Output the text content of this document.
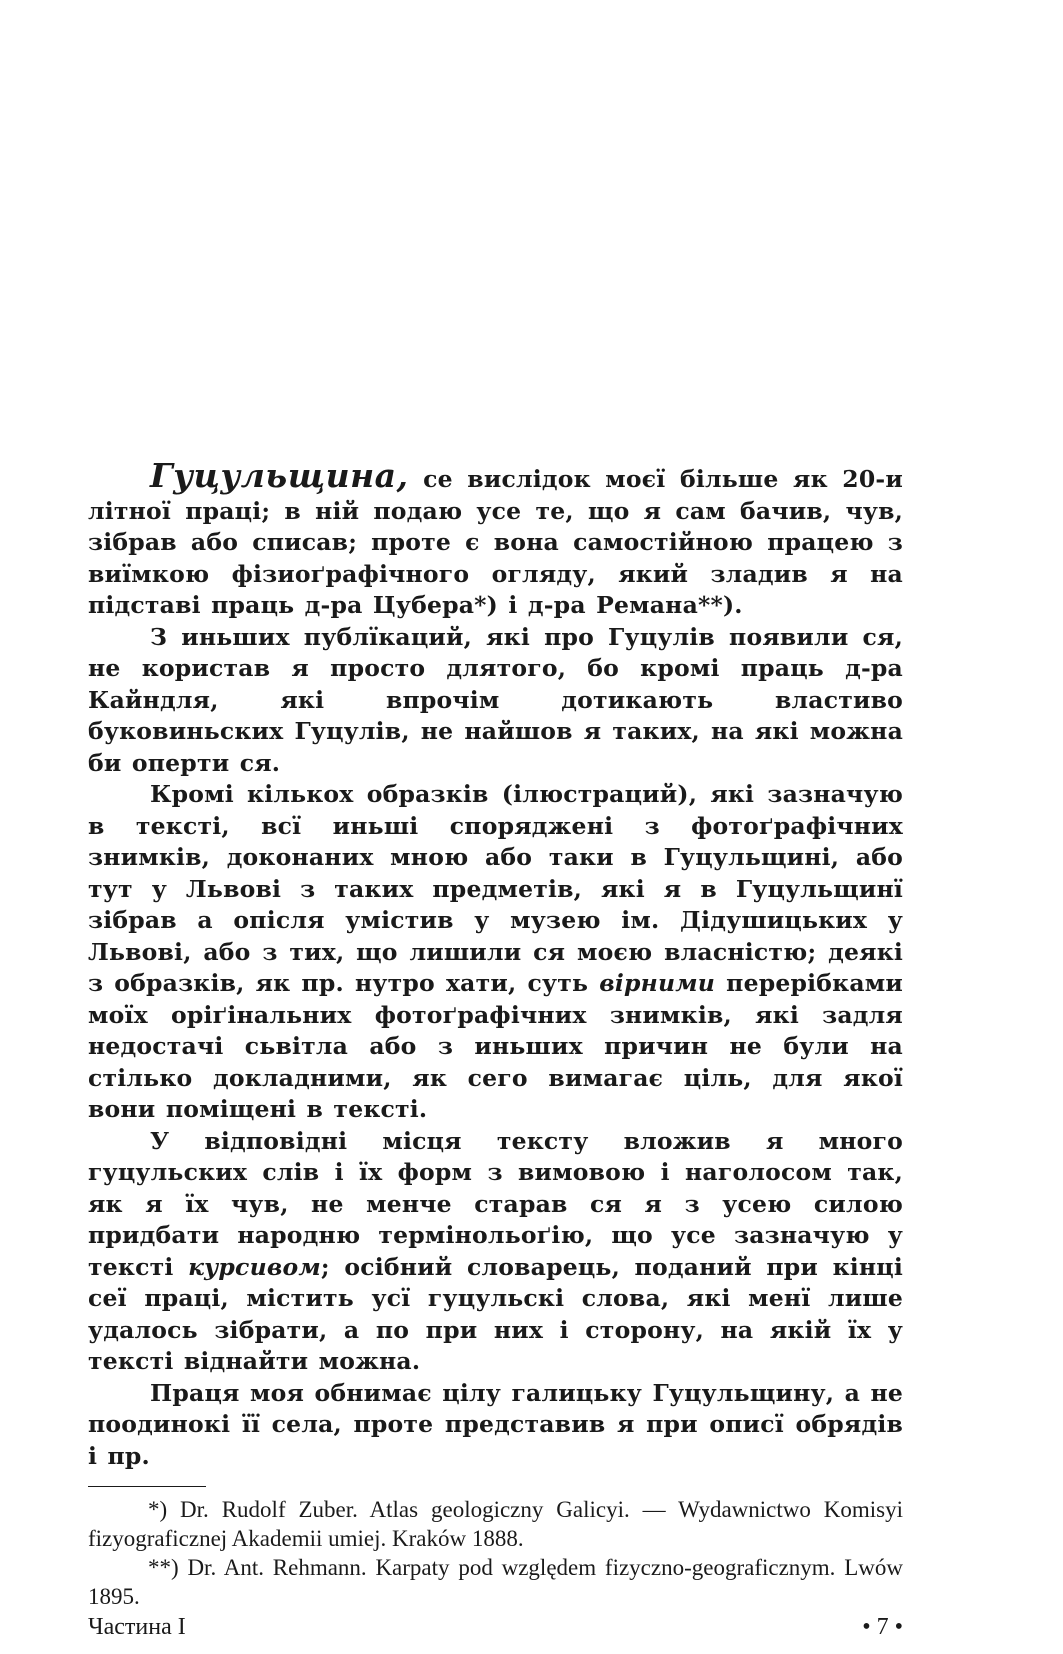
Гуцульщина, се вислідок моєї більше як 20-и літної праці; в ній подаю усе те, що я сам бачив, чув, зібрав або списав; проте є вона самостійною працею з виїмкою фізиоґрафічного огляду, який зладив я на підставі праць д-ра Цубера*) і д-ра Ремана**).

З иньших публїкаций, які про Гуцулів появили ся, не користав я просто длятого, бо кромі праць д-ра Кайндля, які впрочім дотикають властиво буковиньских Гуцулів, не найшов я таких, на які можна би оперти ся.

Кромі кількох образків (ілюстраций), які зазначую в тексті, всї иньші споряджені з фотоґрафічних знимків, доконаних мною або таки в Гуцульщині, або тут у Львові з таких предметів, які я в Гуцульщинї зібрав а опісля умістив у музею ім. Дідушицьких у Львові, або з тих, що лишили ся моєю власністю; деякі з образків, як пр. нутро хати, суть вірними перерібками моїх оріґінальних фотоґрафічних знимків, які задля недостачі сьвітла або з иньших причин не були на стілько докладними, як сего вимагає ціль, для якої вони поміщені в тексті.

У відповідні місця тексту вложив я много гуцульских слів і їх форм з вимовою і наголосом так, як я їх чув, не менче старав ся я з усею силою придбати народню термінольоґію, що усе зазначую у тексті курсивом; осібний словарець, поданий при кінці сеї праці, містить усї гуцульскі слова, які менї лише удалось зібрати, а по при них і сторону, на якій їх у тексті віднайти можна.

Праця моя обнимає цілу галицьку Гуцульщину, а не поодинокі її села, проте представив я при описї обрядів і пр.

*) Dr. Rudolf Zuber. Atlas geologiczny Galicyi. — Wydawnictwo Komisyi fizyograficznej Akademii umiej. Kraków 1888.

**) Dr. Ant. Rehmann. Karpaty pod względem fizyczno-geograficznym. Lwów 1895.

Частина I	• 7 •
